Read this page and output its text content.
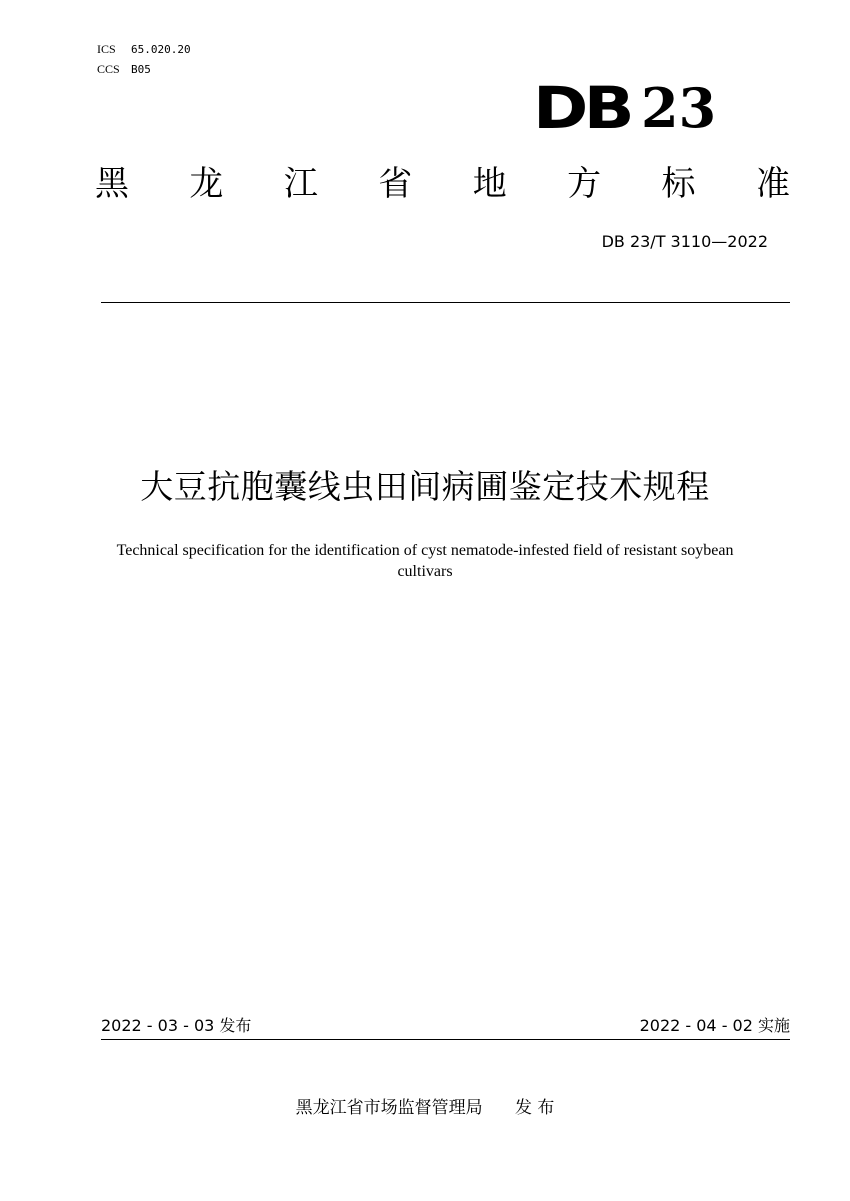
ICS 65.020.20
CCS B05
DB 23
黑 龙 江 省 地 方 标 准
DB 23/T 3110—2022
大豆抗胞囊线虫田间病圃鉴定技术规程
Technical specification for the identification of cyst nematode-infested field of resistant soybean cultivars
2022 - 03 - 03 发布	2022 - 04 - 02 实施
黑龙江省市场监督管理局 发 布
